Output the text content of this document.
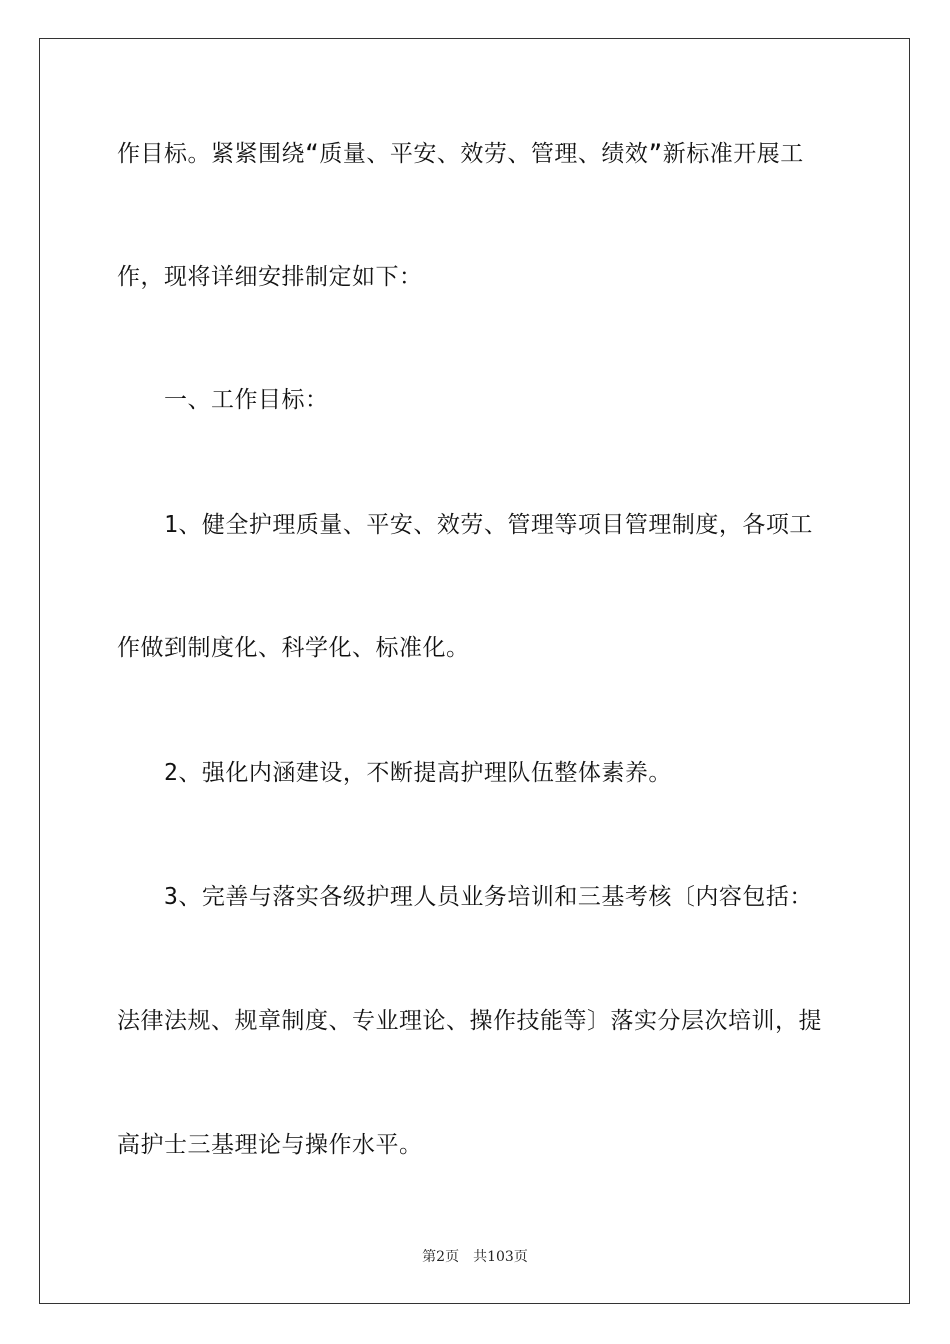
作目标。紧紧围绕“质量、平安、效劳、管理、绩效”新标准开展工
作，现将详细安排制定如下：
一、工作目标：
1、健全护理质量、平安、效劳、管理等项目管理制度，各项工
作做到制度化、科学化、标准化。
2、强化内涵建设，不断提高护理队伍整体素养。
3、完善与落实各级护理人员业务培训和三基考核〔内容包括：
法律法规、规章制度、专业理论、操作技能等〕落实分层次培训，提
高护士三基理论与操作水平。
第2页 共103页
